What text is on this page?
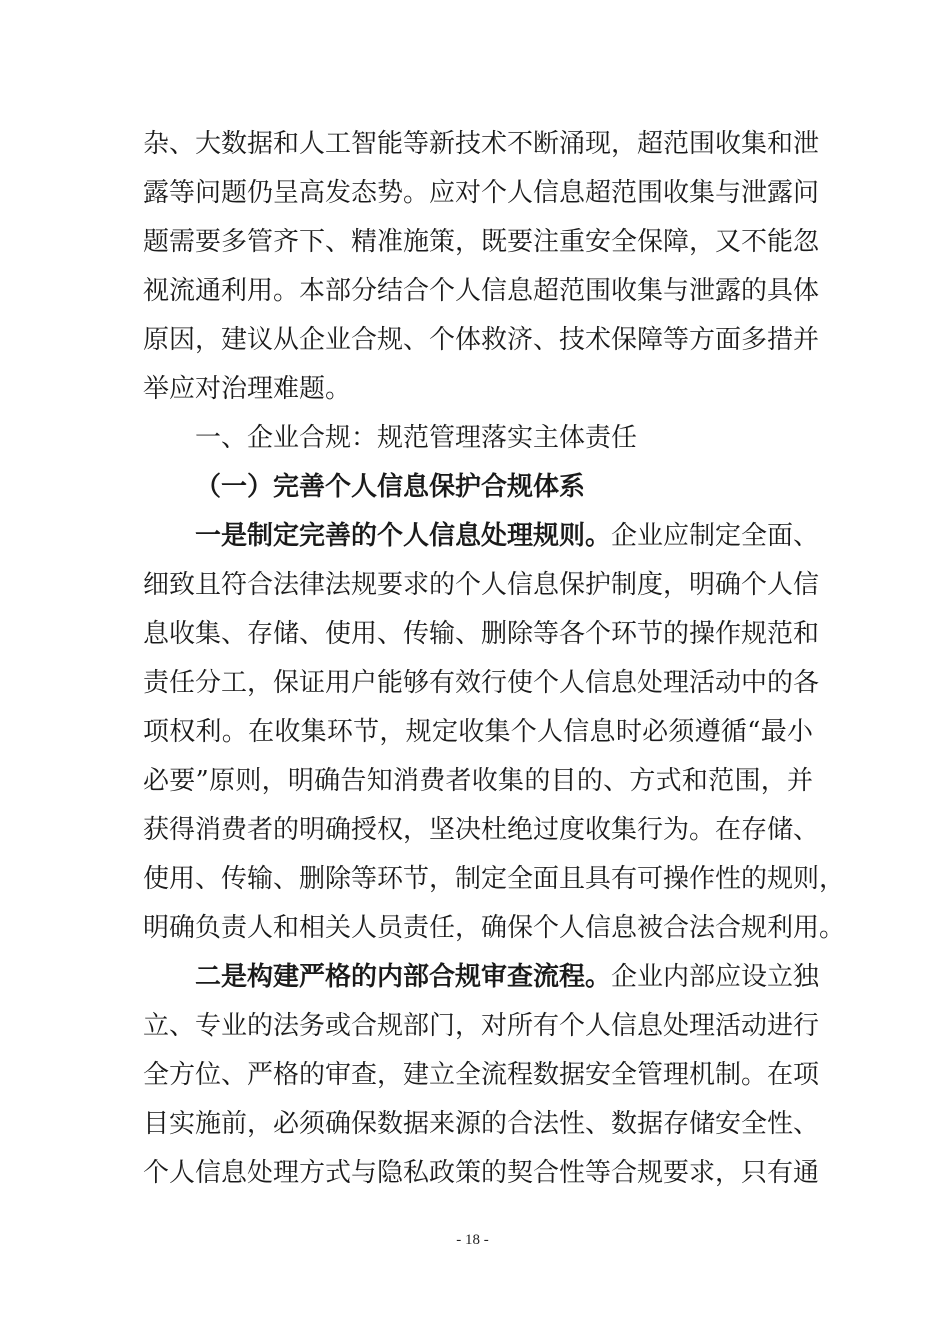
杂、大数据和人工智能等新技术不断涌现，超范围收集和泄
露等问题仍呈高发态势。应对个人信息超范围收集与泄露问
题需要多管齐下、精准施策，既要注重安全保障，又不能忽
视流通利用。本部分结合个人信息超范围收集与泄露的具体
原因，建议从企业合规、个体救济、技术保障等方面多措并
举应对治理难题。
一、企业合规：规范管理落实主体责任
（一）完善个人信息保护合规体系
一是制定完善的个人信息处理规则。企业应制定全面、
细致且符合法律法规要求的个人信息保护制度，明确个人信
息收集、存储、使用、传输、删除等各个环节的操作规范和
责任分工，保证用户能够有效行使个人信息处理活动中的各
项权利。在收集环节，规定收集个人信息时必须遵循“最小
必要”原则，明确告知消费者收集的目的、方式和范围，并
获得消费者的明确授权，坚决杜绝过度收集行为。在存储、
使用、传输、删除等环节，制定全面且具有可操作性的规则，
明确负责人和相关人员责任，确保个人信息被合法合规利用。
二是构建严格的内部合规审查流程。企业内部应设立独
立、专业的法务或合规部门，对所有个人信息处理活动进行
全方位、严格的审查，建立全流程数据安全管理机制。在项
目实施前，必须确保数据来源的合法性、数据存储安全性、
个人信息处理方式与隐私政策的契合性等合规要求，只有通
- 18 -
